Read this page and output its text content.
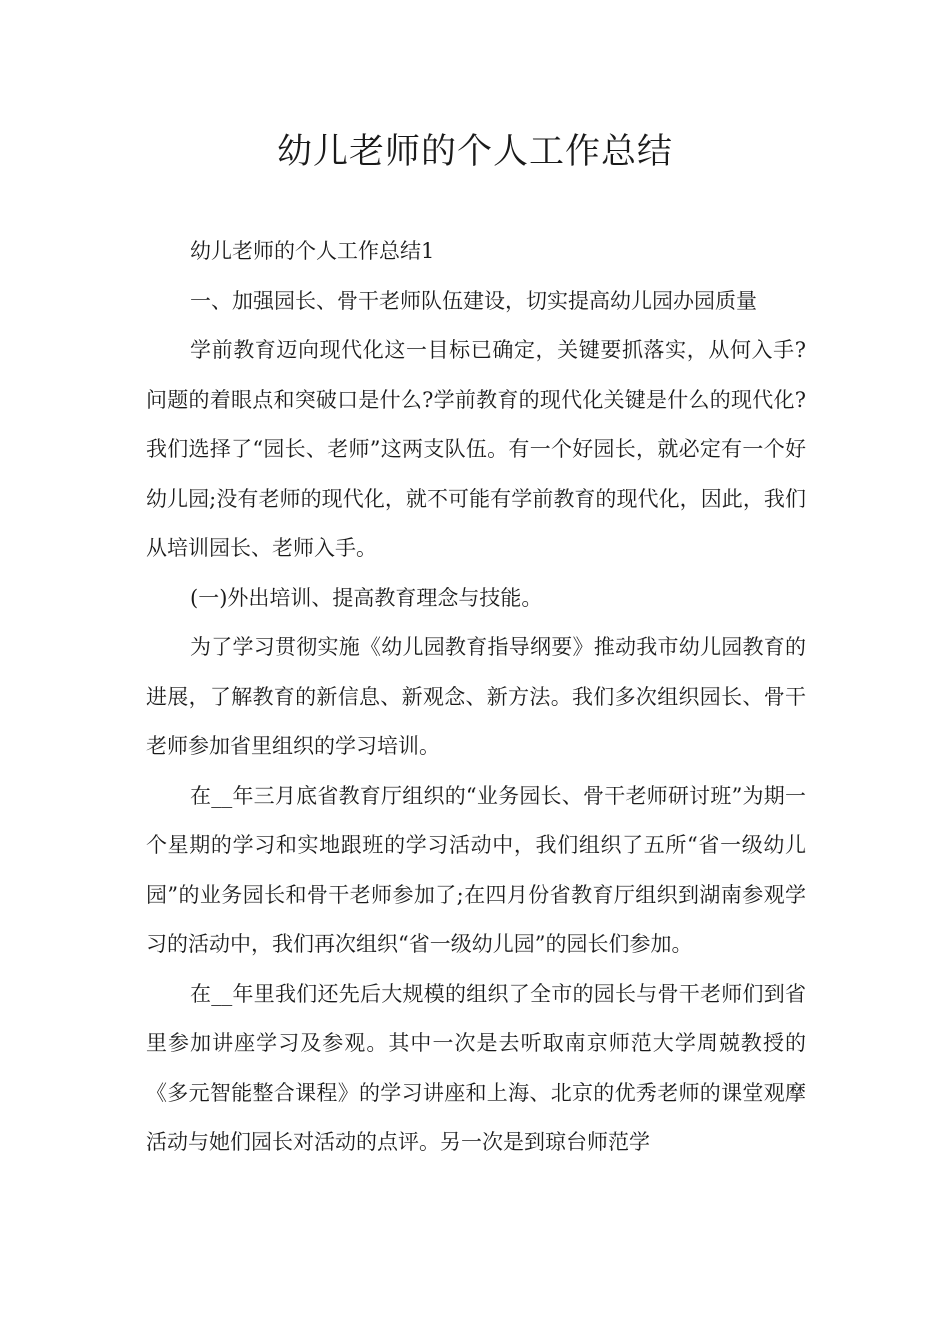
幼儿老师的个人工作总结

幼儿老师的个人工作总结1

一、加强园长、骨干老师队伍建设，切实提高幼儿园办园质量

学前教育迈向现代化这一目标已确定，关键要抓落实，从何入手?问题的着眼点和突破口是什么?学前教育的现代化关键是什么的现代化?我们选择了“园长、老师”这两支队伍。有一个好园长，就必定有一个好幼儿园;没有老师的现代化，就不可能有学前教育的现代化，因此，我们从培训园长、老师入手。

(一)外出培训、提高教育理念与技能。

为了学习贯彻实施《幼儿园教育指导纲要》推动我市幼儿园教育的进展，了解教育的新信息、新观念、新方法。我们多次组织园长、骨干老师参加省里组织的学习培训。

在__年三月底省教育厅组织的“业务园长、骨干老师研讨班”为期一个星期的学习和实地跟班的学习活动中，我们组织了五所“省一级幼儿园”的业务园长和骨干老师参加了;在四月份省教育厅组织到湖南参观学习的活动中，我们再次组织“省一级幼儿园”的园长们参加。

在__年里我们还先后大规模的组织了全市的园长与骨干老师们到省里参加讲座学习及参观。其中一次是去听取南京师范大学周兢教授的《多元智能整合课程》的学习讲座和上海、北京的优秀老师的课堂观摩活动与她们园长对活动的点评。另一次是到琼台师范学
